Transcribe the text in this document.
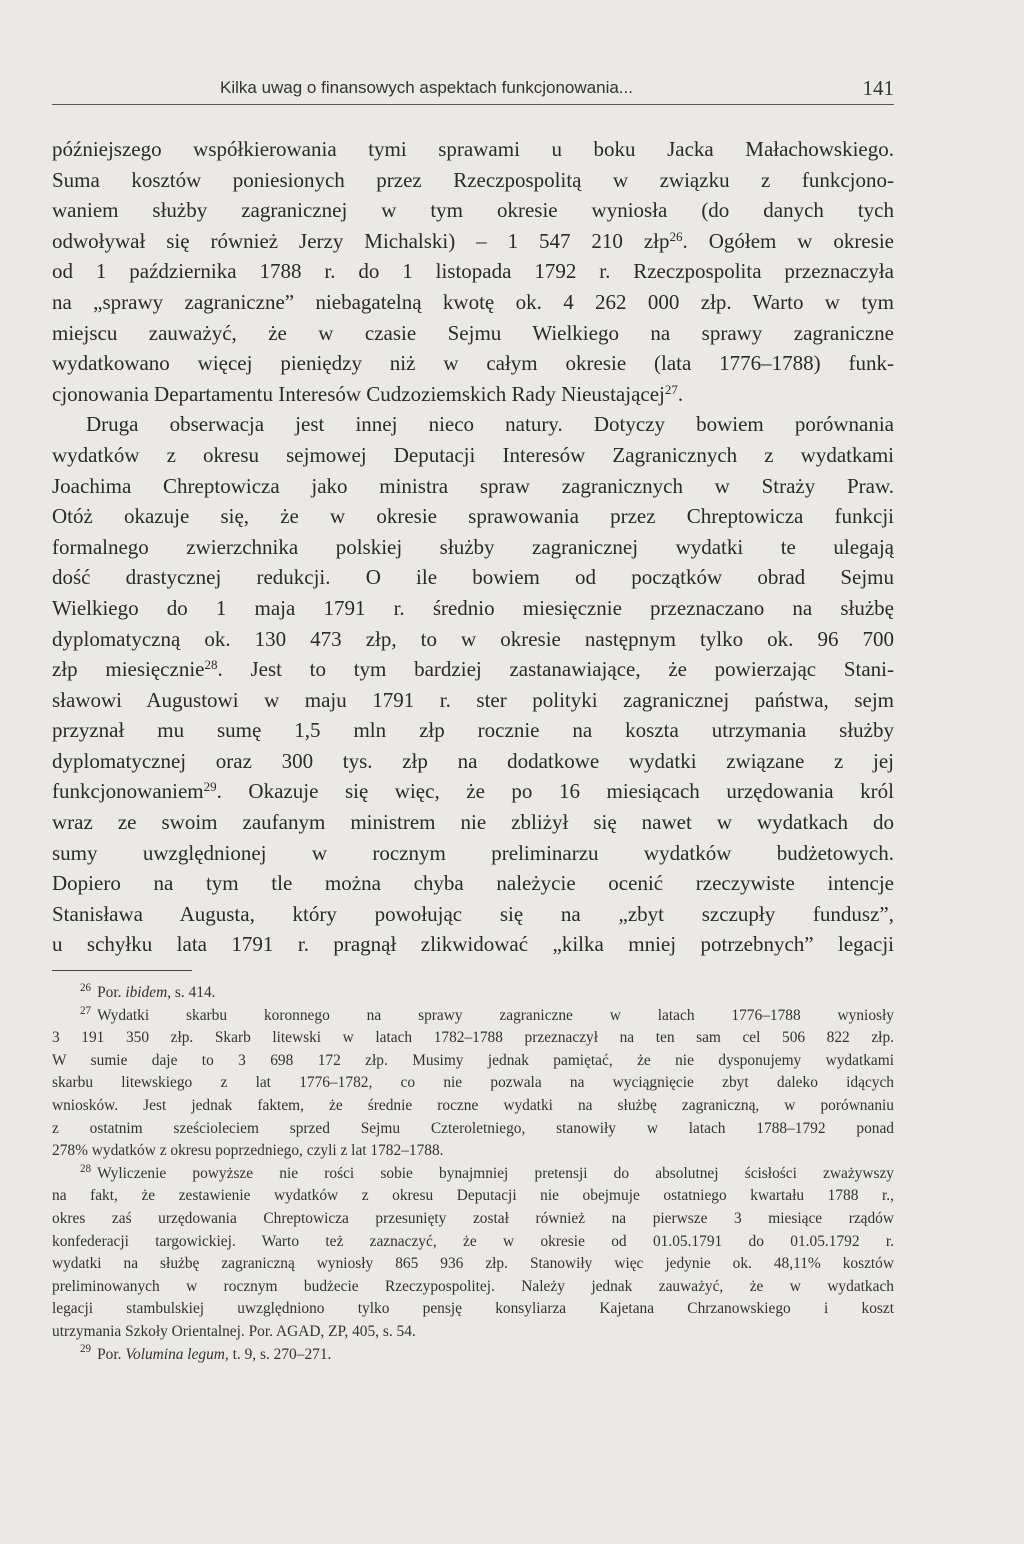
Kilka uwag o finansowych aspektach funkcjonowania...	141
późniejszego współkierowania tymi sprawami u boku Jacka Małachowskiego.
Suma kosztów poniesionych przez Rzeczpospolitą w związku z funkcjono-
waniem służby zagranicznej w tym okresie wyniosła (do danych tych
odwoływał się również Jerzy Michalski) – 1 547 210 złp$^{26}$. Ogółem w okresie
od 1 października 1788 r. do 1 listopada 1792 r. Rzeczpospolita przeznaczyła
na „sprawy zagraniczne” niebagatelną kwotę ok. 4 262 000 złp. Warto w tym
miejscu zauważyć, że w czasie Sejmu Wielkiego na sprawy zagraniczne
wydatkowano więcej pieniędzy niż w całym okresie (lata 1776–1788) funk-
cjonowania Departamentu Interesów Cudzoziemskich Rady Nieustającej$^{27}$.
Druga obserwacja jest innej nieco natury. Dotyczy bowiem porównania
wydatków z okresu sejmowej Deputacji Interesów Zagranicznych z wydatkami
Joachima Chreptowicza jako ministra spraw zagranicznych w Straży Praw.
Otóż okazuje się, że w okresie sprawowania przez Chreptowicza funkcji
formalnego zwierzchnika polskiej służby zagranicznej wydatki te ulegają
dość drastycznej redukcji. O ile bowiem od początków obrad Sejmu
Wielkiego do 1 maja 1791 r. średnio miesięcznie przeznaczano na służbę
dyplomatyczną ok. 130 473 złp, to w okresie następnym tylko ok. 96 700
złp miesięcznie$^{28}$. Jest to tym bardziej zastanawiające, że powierzając Stani-
sławowi Augustowi w maju 1791 r. ster polityki zagranicznej państwa, sejm
przyznał mu sumę 1,5 mln złp rocznie na koszta utrzymania służby
dyplomatycznej oraz 300 tys. złp na dodatkowe wydatki związane z jej
funkcjonowaniem$^{29}$. Okazuje się więc, że po 16 miesiącach urzędowania król
wraz ze swoim zaufanym ministrem nie zbliżył się nawet w wydatkach do
sumy uwzględnionej w rocznym preliminarzu wydatków budżetowych.
Dopiero na tym tle można chyba należycie ocenić rzeczywiste intencje
Stanisława Augusta, który powołując się na „zbyt szczupły fundusz”,
u schyłku lata 1791 r. pragnął zlikwidować „kilka mniej potrzebnych” legacji
$^{26}$ Por. ibidem, s. 414.
$^{27}$ Wydatki skarbu koronnego na sprawy zagraniczne w latach 1776–1788 wyniosły
3 191 350 złp. Skarb litewski w latach 1782–1788 przeznaczył na ten sam cel 506 822 złp.
W sumie daje to 3 698 172 złp. Musimy jednak pamiętać, że nie dysponujemy wydatkami
skarbu litewskiego z lat 1776–1782, co nie pozwala na wyciągnięcie zbyt daleko idących
wniosków. Jest jednak faktem, że średnie roczne wydatki na służbę zagraniczną, w porównaniu
z ostatnim sześcioleciem sprzed Sejmu Czteroletniego, stanowiły w latach 1788–1792 ponad
278% wydatków z okresu poprzedniego, czyli z lat 1782–1788.
$^{28}$ Wyliczenie powyższe nie rości sobie bynajmniej pretensji do absolutnej ścisłości zważywszy
na fakt, że zestawienie wydatków z okresu Deputacji nie obejmuje ostatniego kwartału 1788 r.,
okres zaś urzędowania Chreptowicza przesunięty został również na pierwsze 3 miesiące rządów
konfederacji targowickiej. Warto też zaznaczyć, że w okresie od 01.05.1791 do 01.05.1792 r.
wydatki na służbę zagraniczną wyniosły 865 936 złp. Stanowiły więc jedynie ok. 48,11% kosztów
preliminowanych w rocznym budżecie Rzeczypospolitej. Należy jednak zauważyć, że w wydatkach
legacji stambulskiej uwzględniono tylko pensję konsyliarza Kajetana Chrzanowskiego i koszt
utrzymania Szkoły Orientalnej. Por. AGAD, ZP, 405, s. 54.
$^{29}$ Por. Volumina legum, t. 9, s. 270–271.
